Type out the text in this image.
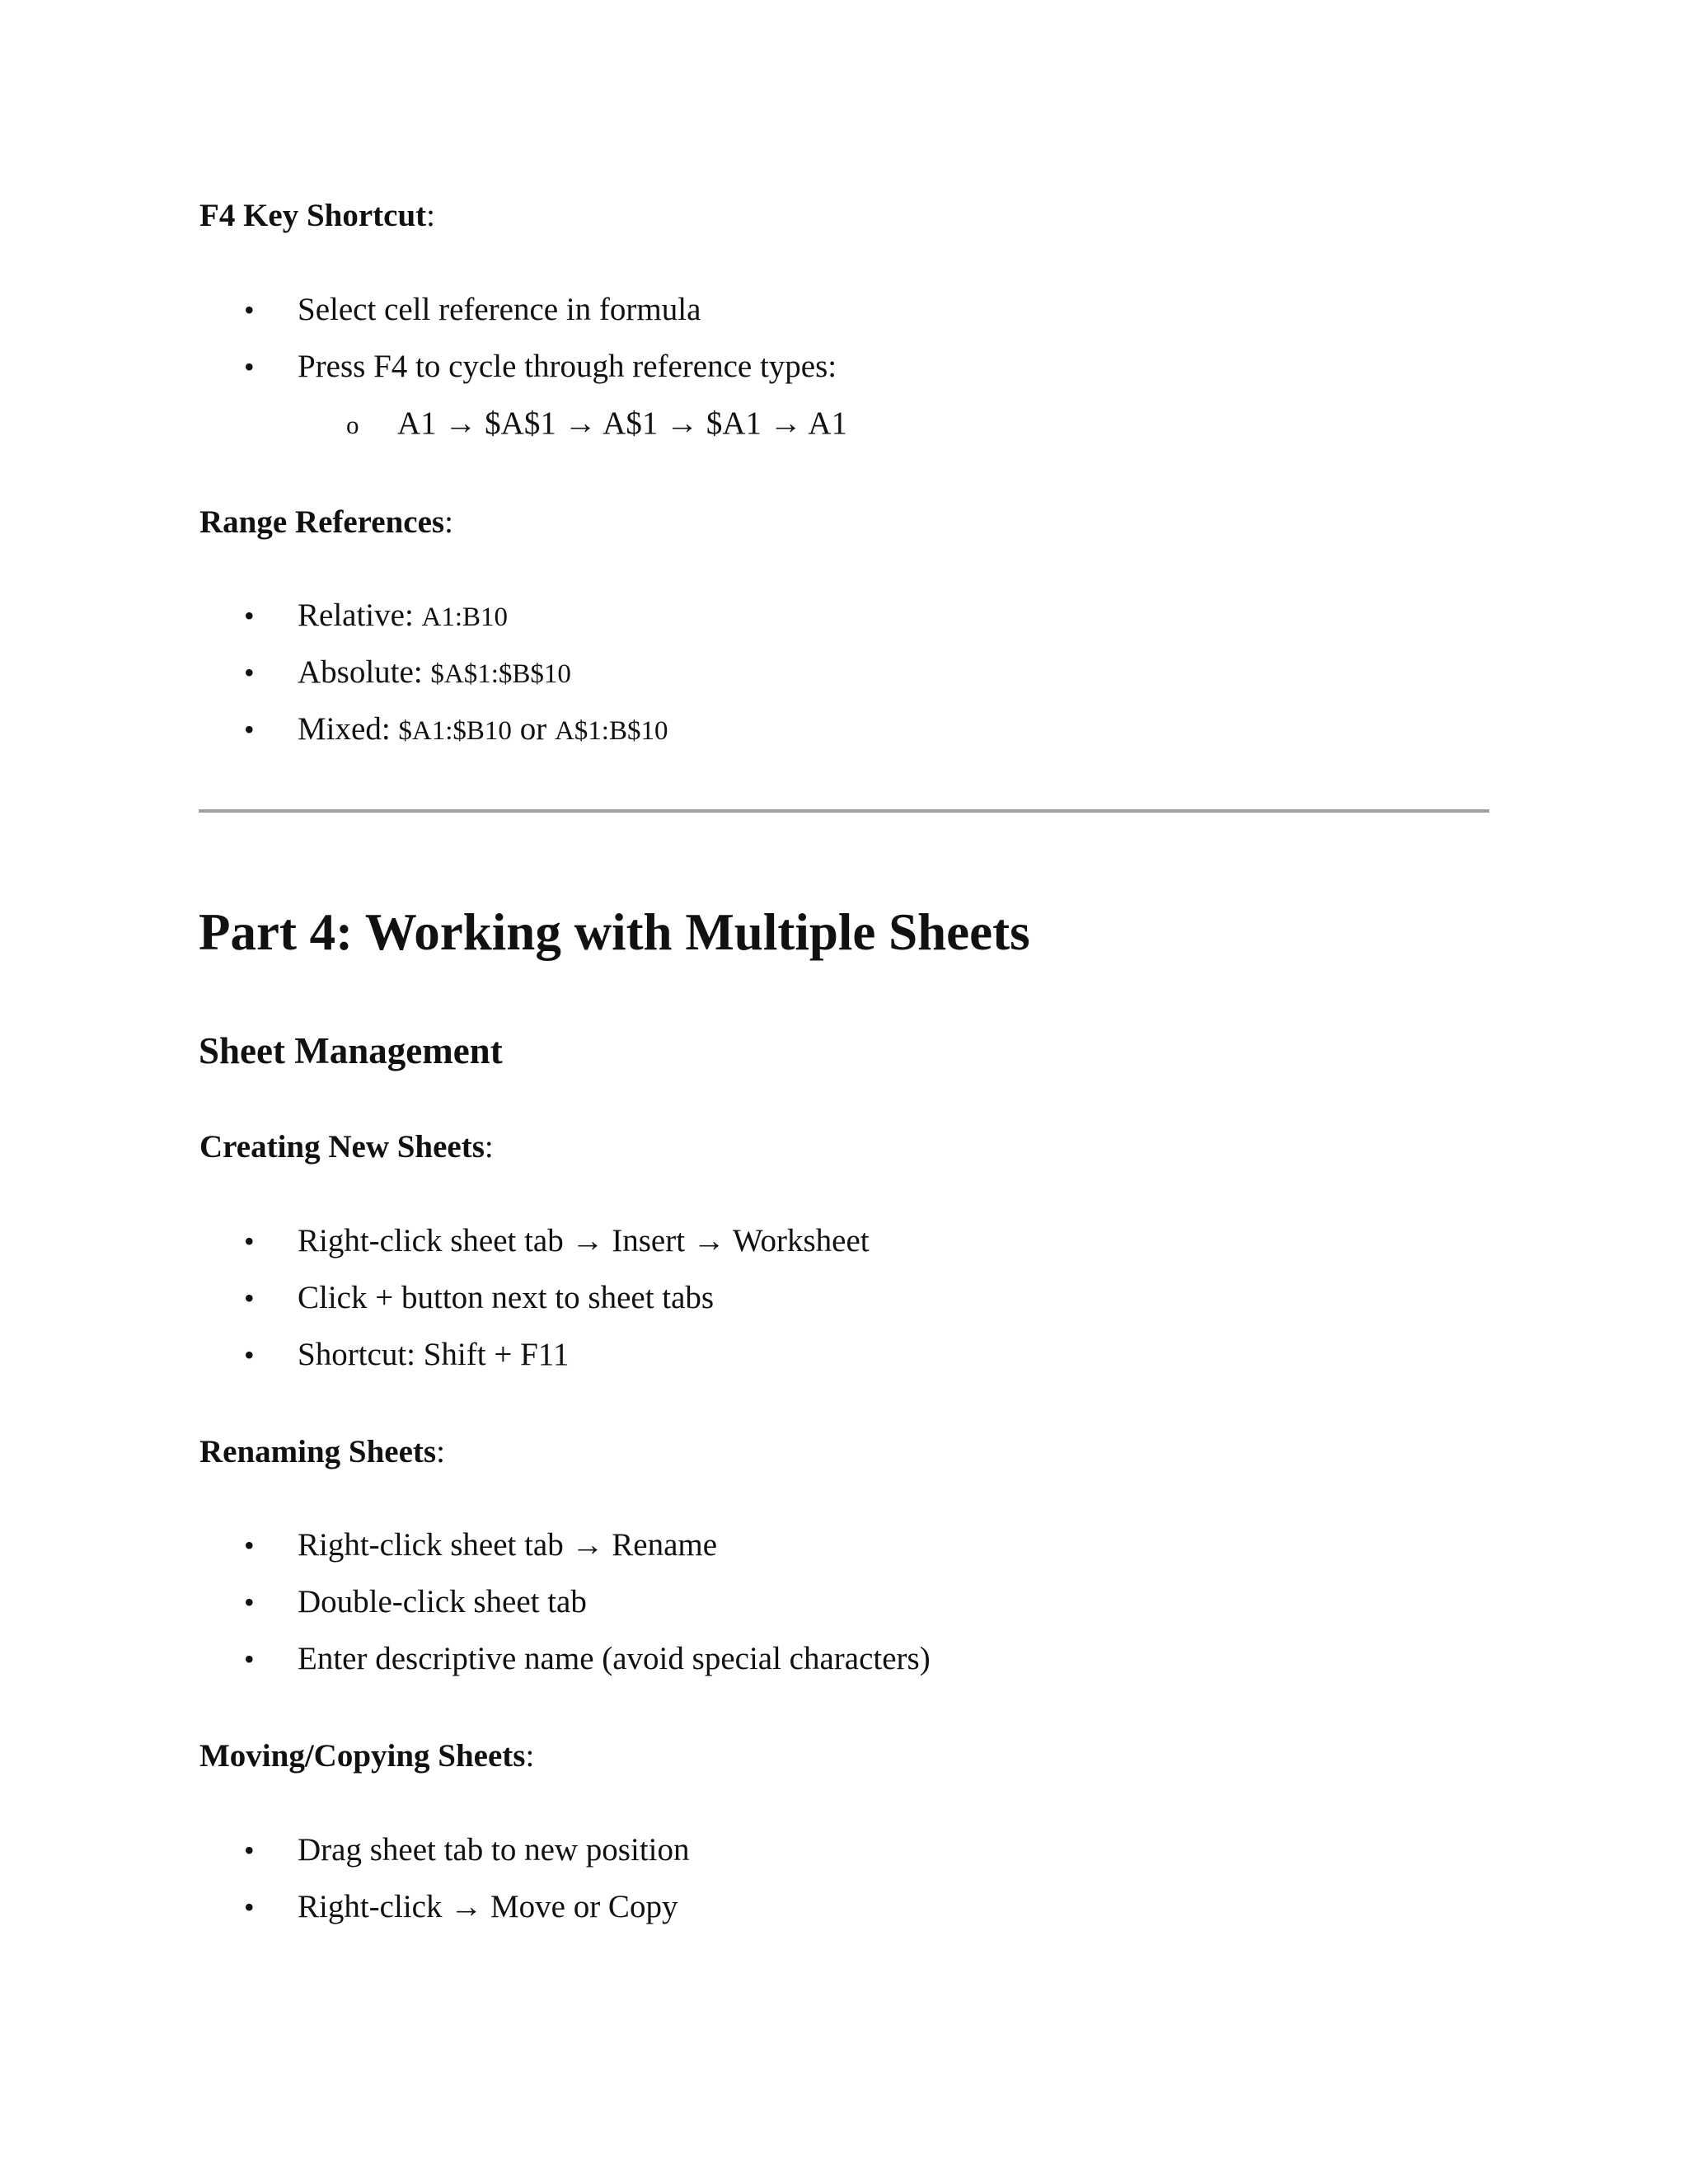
F4 Key Shortcut:
• Select cell reference in formula
• Press F4 to cycle through reference types:
o A1 → $A$1 → A$1 → $A1 → A1
Range References:
• Relative: A1:B10
• Absolute: $A$1:$B$10
• Mixed: $A1:$B10 or A$1:B$10
Part 4: Working with Multiple Sheets
Sheet Management
Creating New Sheets:
• Right-click sheet tab → Insert → Worksheet
• Click + button next to sheet tabs
• Shortcut: Shift + F11
Renaming Sheets:
• Right-click sheet tab → Rename
• Double-click sheet tab
• Enter descriptive name (avoid special characters)
Moving/Copying Sheets:
• Drag sheet tab to new position
• Right-click → Move or Copy
